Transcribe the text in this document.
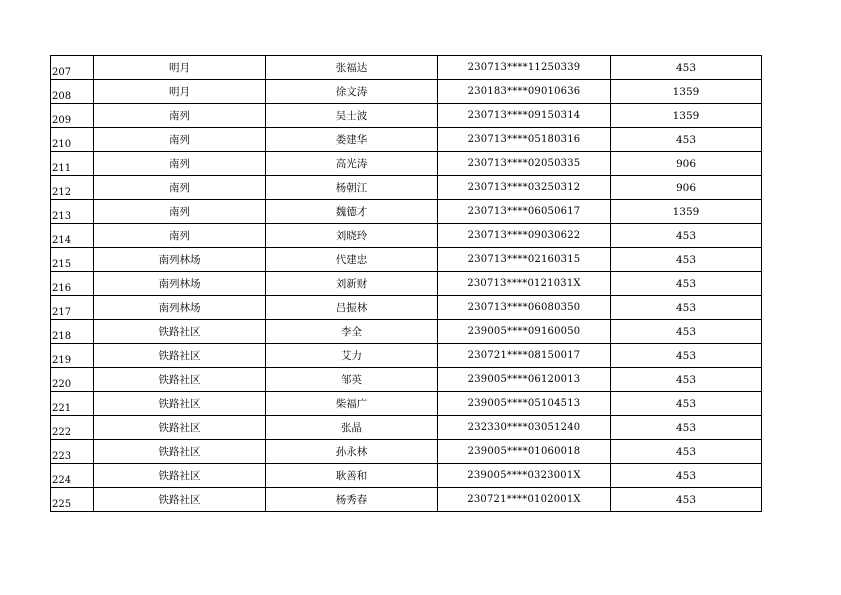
207	明月	张福达	230713****11250339	453
208	明月	徐文涛	230183****09010636	1359
209	南列	吴士波	230713****09150314	1359
210	南列	娄建华	230713****05180316	453
211	南列	高光涛	230713****02050335	906
212	南列	杨朝江	230713****03250312	906
213	南列	魏德才	230713****06050617	1359
214	南列	刘晓玲	230713****09030622	453
215	南列林场	代建忠	230713****02160315	453
216	南列林场	刘新财	230713****0121031X	453
217	南列林场	吕振林	230713****06080350	453
218	铁路社区	李全	239005****09160050	453
219	铁路社区	艾力	230721****08150017	453
220	铁路社区	邹英	239005****06120013	453
221	铁路社区	柴福广	239005****05104513	453
222	铁路社区	张晶	232330****03051240	453
223	铁路社区	孙永林	239005****01060018	453
224	铁路社区	耿善和	239005****0323001X	453
225	铁路社区	杨秀春	230721****0102001X	453
